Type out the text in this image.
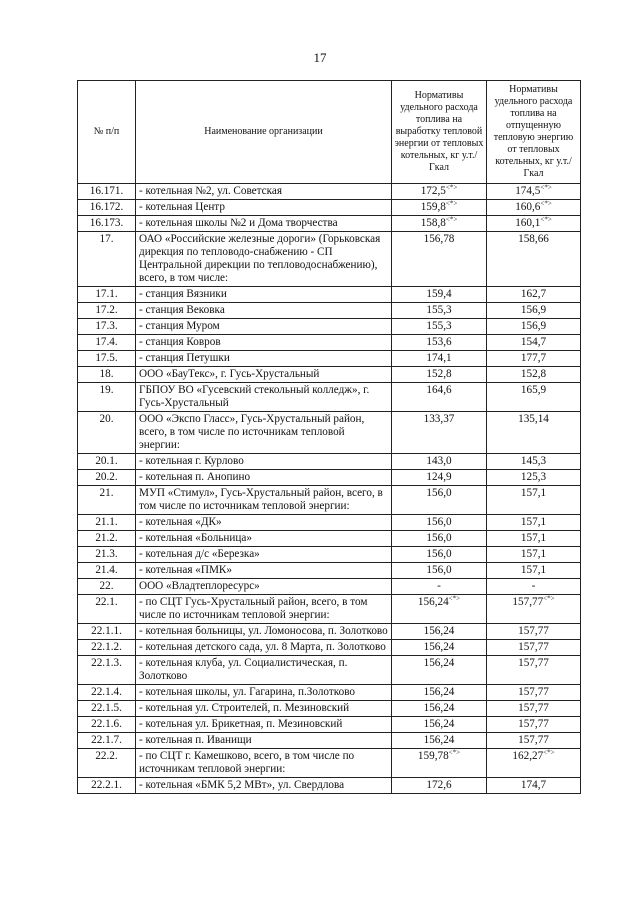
17
№ п/п	Наименование организации	Нормативы удельного расхода топлива на выработку тепловой энергии от тепловых котельных, кг у.т./Гкал	Нормативы удельного расхода топлива на отпущенную тепловую энергию от тепловых котельных, кг у.т./Гкал
16.171.	- котельная №2, ул. Советская	172,5<*>	174,5<*>
16.172.	- котельная Центр	159,8<*>	160,6<*>
16.173.	- котельная школы №2 и Дома творчества	158,8<*>	160,1<*>
17.	ОАО «Российские железные дороги» (Горьковская дирекция по тепловодо-снабжению - СП Центральной дирекции по тепловодоснабжению), всего, в том числе:	156,78	158,66
17.1.	- станция Вязники	159,4	162,7
17.2.	- станция Вековка	155,3	156,9
17.3.	- станция Муром	155,3	156,9
17.4.	- станция Ковров	153,6	154,7
17.5.	- станция Петушки	174,1	177,7
18.	ООО «БауТекс», г. Гусь-Хрустальный	152,8	152,8
19.	ГБПОУ ВО «Гусевский стекольный колледж», г. Гусь-Хрустальный	164,6	165,9
20.	ООО «Экспо Гласс», Гусь-Хрустальный район, всего, в том числе по источникам тепловой энергии:	133,37	135,14
20.1.	- котельная г. Курлово	143,0	145,3
20.2.	- котельная п. Анопино	124,9	125,3
21.	МУП «Стимул», Гусь-Хрустальный район, всего, в том числе по источникам тепловой энергии:	156,0	157,1
21.1.	- котельная «ДК»	156,0	157,1
21.2.	- котельная «Больница»	156,0	157,1
21.3.	- котельная д/с «Березка»	156,0	157,1
21.4.	- котельная «ПМК»	156,0	157,1
22.	ООО «Владтеплоресурс»	-	-
22.1.	- по СЦТ Гусь-Хрустальный район, всего, в том числе по источникам тепловой энергии:	156,24<*>	157,77<*>
22.1.1.	- котельная больницы, ул. Ломоносова, п. Золотково	156,24	157,77
22.1.2.	- котельная детского сада, ул. 8 Марта, п. Золотково	156,24	157,77
22.1.3.	- котельная клуба, ул. Социалистическая, п. Золотково	156,24	157,77
22.1.4.	- котельная школы, ул. Гагарина, п.Золотково	156,24	157,77
22.1.5.	- котельная ул. Строителей, п. Мезиновский	156,24	157,77
22.1.6.	- котельная ул. Брикетная, п. Мезиновский	156,24	157,77
22.1.7.	- котельная п. Иванищи	156,24	157,77
22.2.	- по СЦТ г. Камешково, всего, в том числе по источникам тепловой энергии:	159,78<*>	162,27<*>
22.2.1.	- котельная «БМК 5,2 МВт», ул. Свердлова	172,6	174,7
